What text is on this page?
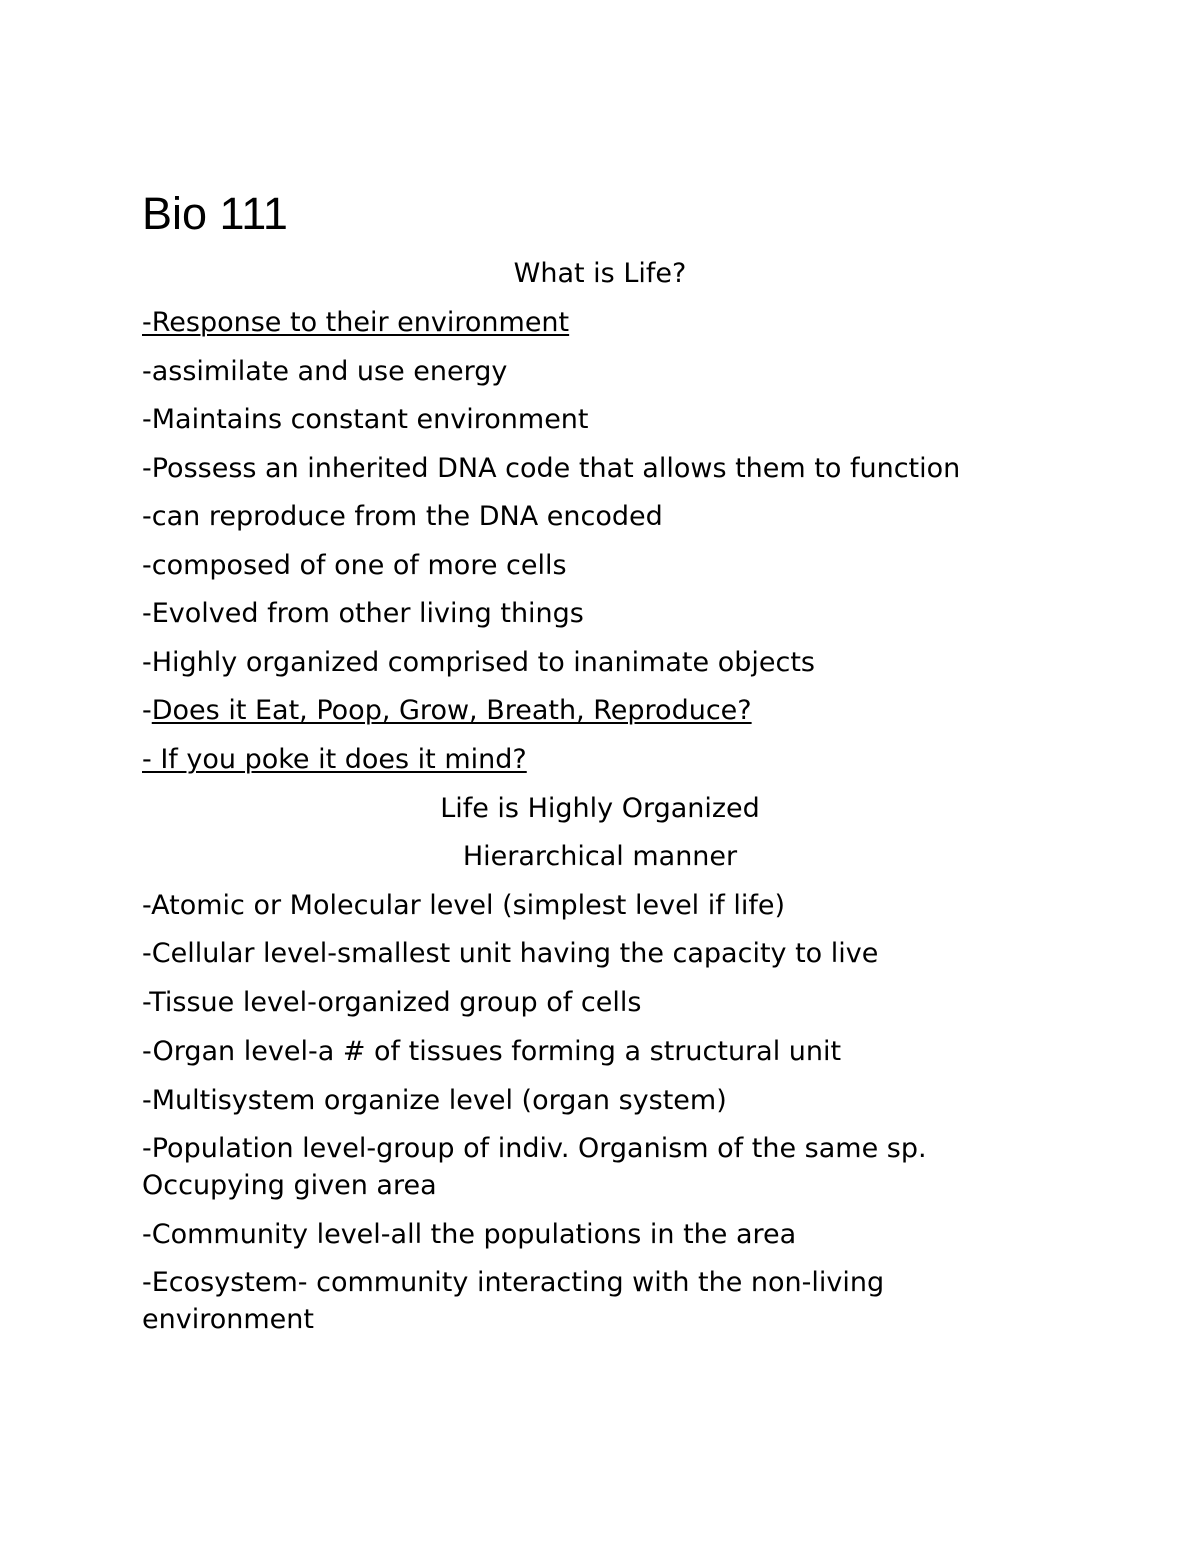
Bio 111
What is Life?
-Response to their environment
-assimilate and use energy
-Maintains constant environment
-Possess an inherited DNA code that allows them to function
-can reproduce from the DNA encoded
-composed of one of more cells
-Evolved from other living things
-Highly organized comprised to inanimate objects
-Does it Eat, Poop, Grow, Breath, Reproduce?
- If you poke it does it mind?
Life is Highly Organized
Hierarchical manner
-Atomic or Molecular level (simplest level if life)
-Cellular level-smallest unit having the capacity to live
-Tissue level-organized group of cells
-Organ level-a # of tissues forming a structural unit
-Multisystem organize level (organ system)
-Population level-group of indiv. Organism of the same sp.
Occupying given area
-Community level-all the populations in the area
-Ecosystem- community interacting with the non-living
environment
